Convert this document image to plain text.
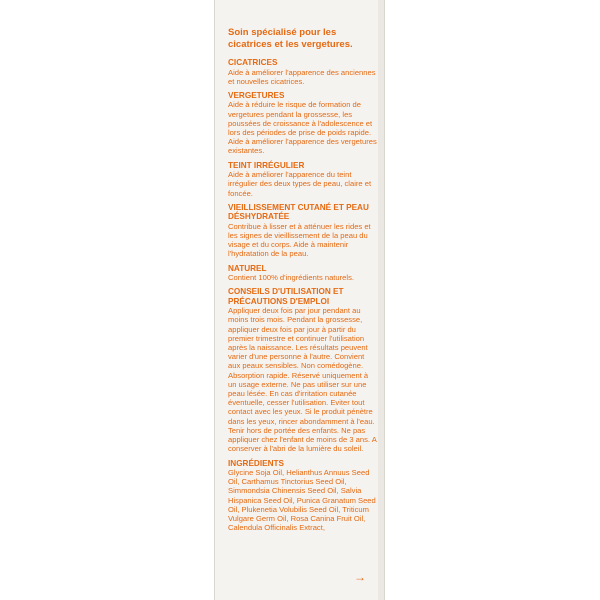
Soin spécialisé pour les cicatrices et les vergetures.
CICATRICES
Aide à améliorer l'apparence des anciennes et nouvelles cicatrices.
VERGETURES
Aide à réduire le risque de formation de vergetures pendant la grossesse, les poussées de croissance à l'adolescence et lors des périodes de prise de poids rapide. Aide à améliorer l'apparence des vergetures existantes.
TEINT IRRÉGULIER
Aide à améliorer l'apparence du teint irrégulier des deux types de peau, claire et foncée.
VIEILLISSEMENT CUTANÉ ET PEAU DÉSHYDRATÉE
Contribue à lisser et à atténuer les rides et les signes de vieillissement de la peau du visage et du corps. Aide à maintenir l'hydratation de la peau.
NATUREL
Contient 100% d'ingrédients naturels.
CONSEILS D'UTILISATION ET PRÉCAUTIONS D'EMPLOI
Appliquer deux fois par jour pendant au moins trois mois. Pendant la grossesse, appliquer deux fois par jour à partir du premier trimestre et continuer l'utilisation après la naissance. Les résultats peuvent varier d'une personne à l'autre. Convient aux peaux sensibles. Non comédogène. Absorption rapide. Réservé uniquement à un usage externe. Ne pas utiliser sur une peau lésée. En cas d'irritation cutanée éventuelle, cesser l'utilisation. Eviter tout contact avec les yeux. Si le produit pénètre dans les yeux, rincer abondamment à l'eau. Tenir hors de portée des enfants. Ne pas appliquer chez l'enfant de moins de 3 ans. A conserver à l'abri de la lumière du soleil.
INGRÉDIENTS
Glycine Soja Oil, Helianthus Annuus Seed Oil, Carthamus Tinctorius Seed Oil, Simmondsia Chinensis Seed Oil, Salvia Hispanica Seed Oil, Punica Granatum Seed Oil, Plukenetia Volubilis Seed Oil, Triticum Vulgare Germ Oil, Rosa Canina Fruit Oil, Calendula Officinalis Extract,
→
